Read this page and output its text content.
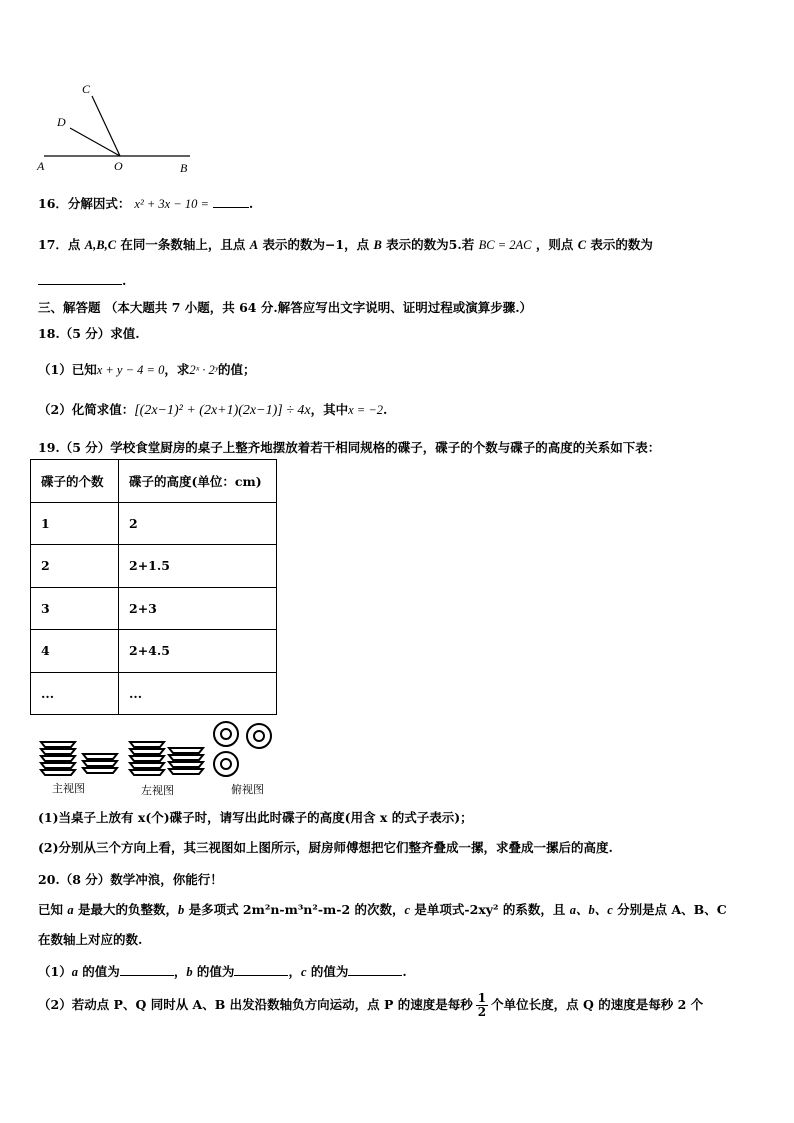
C
D
A	O	B
16．分解因式： x² + 3x − 10 =	.
17．点 A,B,C 在同一条数轴上，且点 A 表示的数为−1，点 B 表示的数为5.若 BC = 2AC ，则点 C 表示的数为
.
三、解答题 （本大题共 7 小题，共 64 分.解答应写出文字说明、证明过程或演算步骤.）
18.（5 分）求值.
（1）已知x + y − 4 = 0，求2ˣ · 2ʸ的值；
（2）化简求值：[(2x−1)² + (2x+1)(2x−1)] ÷ 4x，其中x = −2.
19.（5 分）学校食堂厨房的桌子上整齐地摆放着若干相同规格的碟子，碟子的个数与碟子的高度的关系如下表：
碟子的个数	碟子的高度(单位：cm)
1	2
2	2+1.5
3	2+3
4	2+4.5
...	...
主视图	左视图	俯视图
(1)当桌子上放有 x(个)碟子时，请写出此时碟子的高度(用含 x 的式子表示)；
(2)分别从三个方向上看，其三视图如上图所示，厨房师傅想把它们整齐叠成一摞，求叠成一摞后的高度.
20.（8 分）数学冲浪，你能行！
已知 a 是最大的负整数，b 是多项式 2m²n-m³n²-m-2 的次数，c 是单项式-2xy² 的系数，且 a、b、c 分别是点 A、B、C
在数轴上对应的数.
（1）a 的值为	，b 的值为	，c 的值为	.
（2）若动点 P、Q 同时从 A、B 出发沿数轴负方向运动，点 P 的速度是每秒 $\frac{1}{2}$ 个单位长度，点 Q 的速度是每秒 2 个
